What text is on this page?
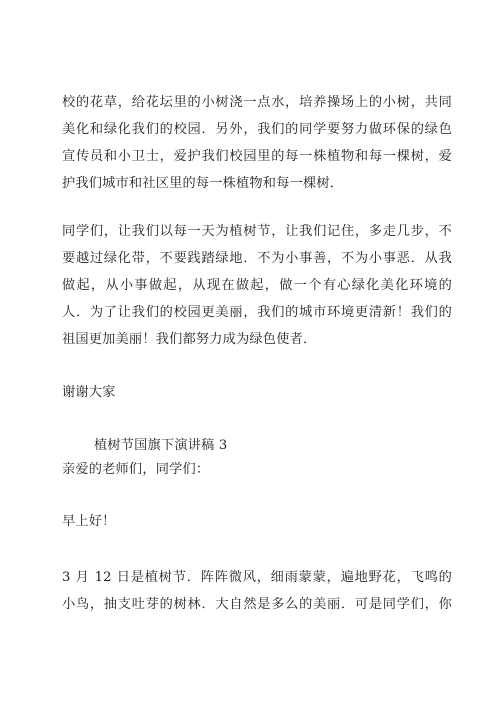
校的花草，给花坛里的小树浇一点水，培养操场上的小树，共同
美化和绿化我们的校园．另外，我们的同学要努力做环保的绿色
宣传员和小卫士，爱护我们校园里的每一株植物和每一棵树，爱
护我们城市和社区里的每一株植物和每一棵树．
同学们，让我们以每一天为植树节，让我们记住，多走几步，不
要越过绿化带，不要践踏绿地．不为小事善，不为小事恶．从我
做起，从小事做起，从现在做起，做一个有心绿化美化环境的
人．为了让我们的校园更美丽，我们的城市环境更清新！我们的
祖国更加美丽！我们都努力成为绿色使者．
谢谢大家
植树节国旗下演讲稿 3
亲爱的老师们，同学们：
早上好！
3 月 12 日是植树节．阵阵微风，细雨蒙蒙，遍地野花，飞鸣的
小鸟，抽支吐芽的树林．大自然是多么的美丽．可是同学们，你
